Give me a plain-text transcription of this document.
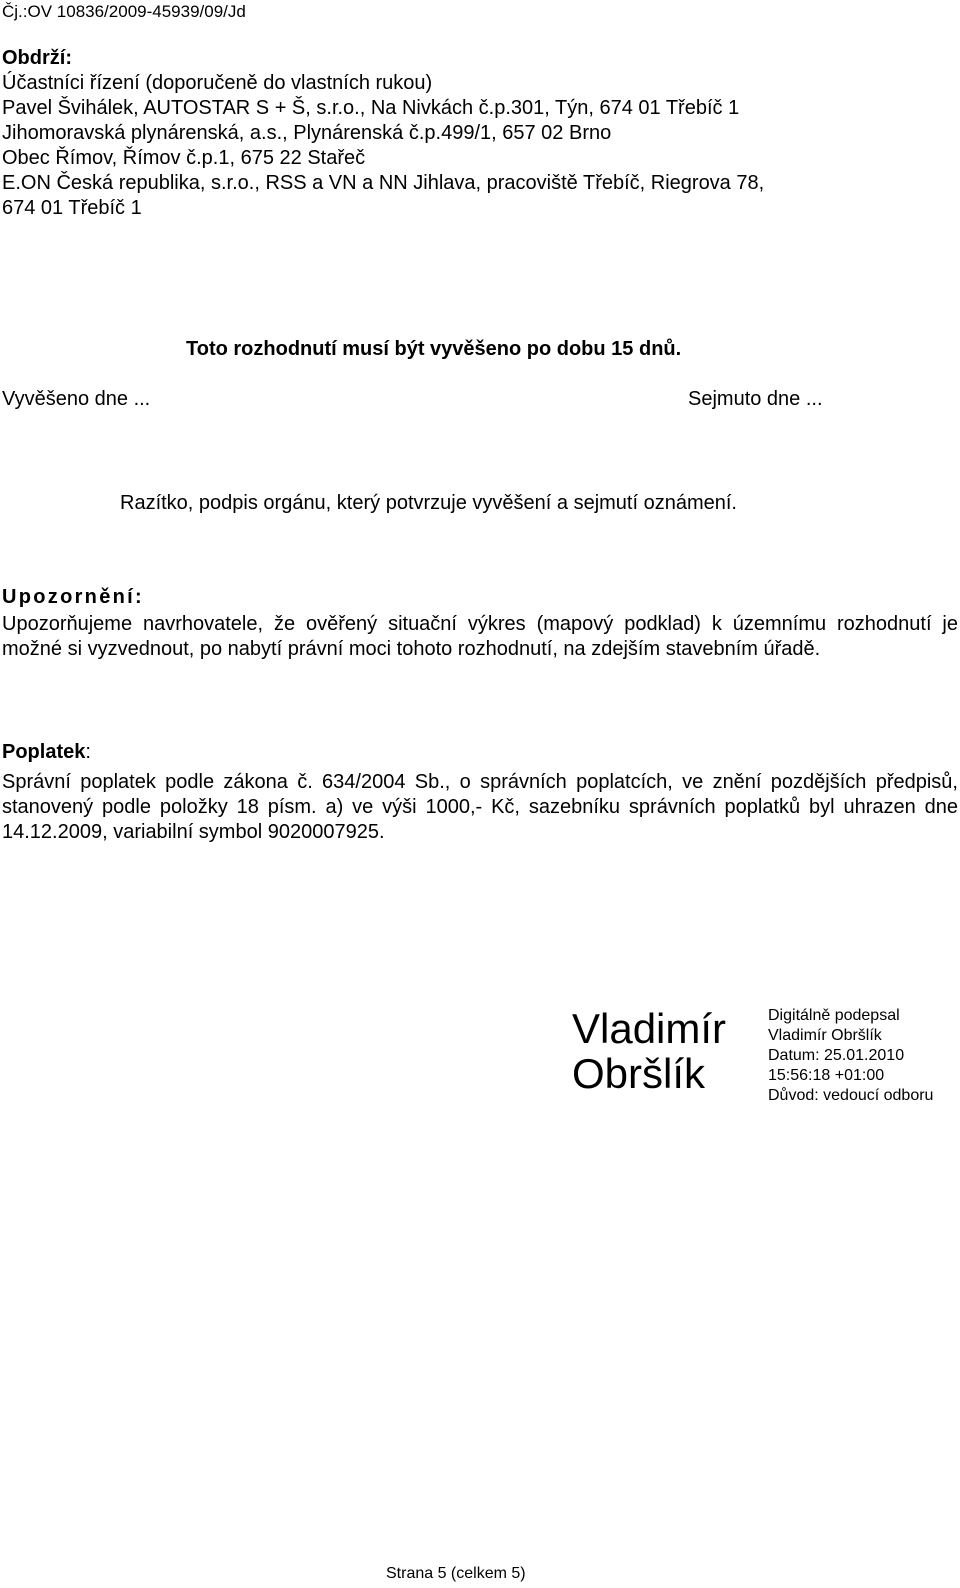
Čj.:OV 10836/2009-45939/09/Jd
Obdrží:
Účastníci řízení (doporučeně do vlastních rukou)
Pavel Švihálek, AUTOSTAR S + Š, s.r.o., Na Nivkách č.p.301, Týn, 674 01 Třebíč 1
Jihomoravská plynárenská, a.s., Plynárenská č.p.499/1, 657 02 Brno
Obec Římov, Římov č.p.1, 675 22 Stařeč
E.ON Česká republika, s.r.o., RSS a VN a NN Jihlava, pracoviště Třebíč, Riegrova 78,
674 01 Třebíč 1
Toto rozhodnutí musí být vyvěšeno po dobu 15 dnů.
Vyvěšeno dne ...	Sejmuto dne ...
Razítko, podpis orgánu, který potvrzuje vyvěšení a sejmutí oznámení.
Upozornění:
Upozorňujeme navrhovatele, že ověřený situační výkres (mapový podklad) k územnímu rozhodnutí je možné si vyzvednout, po nabytí právní moci tohoto rozhodnutí, na zdejším stavebním úřadě.
Poplatek:
Správní poplatek podle zákona č. 634/2004 Sb., o správních poplatcích, ve znění pozdějších předpisů, stanovený podle položky 18 písm. a) ve výši 1000,- Kč, sazebníku správních poplatků byl uhrazen dne 14.12.2009, variabilní symbol 9020007925.
Vladimír
Obršlík
Digitálně podepsal
Vladimír Obršlík
Datum: 25.01.2010
15:56:18 +01:00
Důvod: vedoucí odboru
Strana 5 (celkem 5)
